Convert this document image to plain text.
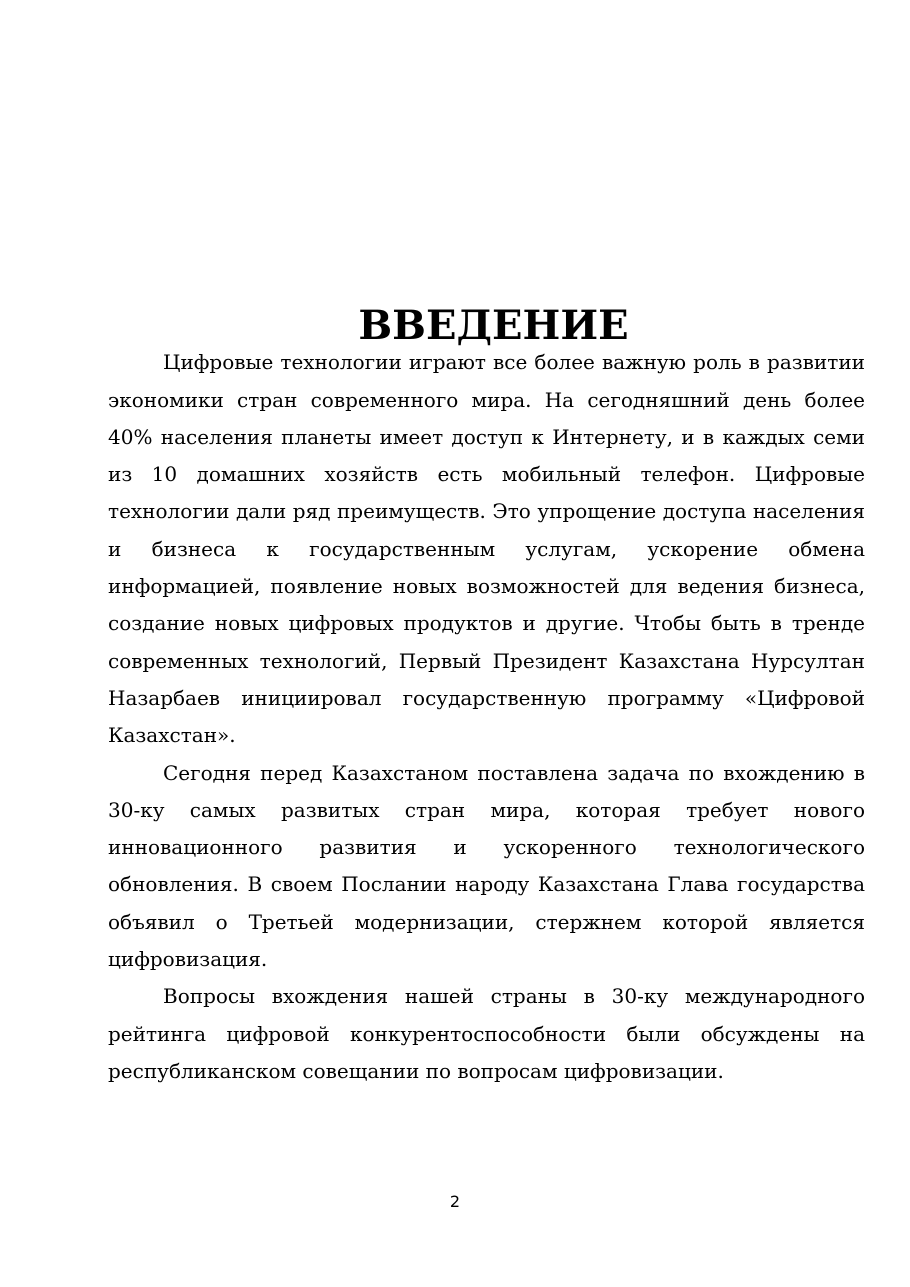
ВВЕДЕНИЕ

Цифровые технологии играют все более важную роль в развитии экономики стран современного мира. На сегодняшний день более 40% населения планеты имеет доступ к Интернету, и в каждых семи из 10 домашних хозяйств есть мобильный телефон. Цифровые технологии дали ряд преимуществ. Это упрощение доступа населения и бизнеса к государственным услугам, ускорение обмена информацией, появление новых возможностей для ведения бизнеса, создание новых цифровых продуктов и другие. Чтобы быть в тренде современных технологий, Первый Президент Казахстана Нурсултан Назарбаев инициировал государственную программу «Цифровой Казахстан».

Сегодня перед Казахстаном поставлена задача по вхождению в 30-ку самых развитых стран мира, которая требует нового инновационного развития и ускоренного технологического обновления. В своем Послании народу Казахстана Глава государства объявил о Третьей модернизации, стержнем которой является цифровизация.

Вопросы вхождения нашей страны в 30-ку международного рейтинга цифровой конкурентоспособности были обсуждены на республиканском совещании по вопросам цифровизации.

2
